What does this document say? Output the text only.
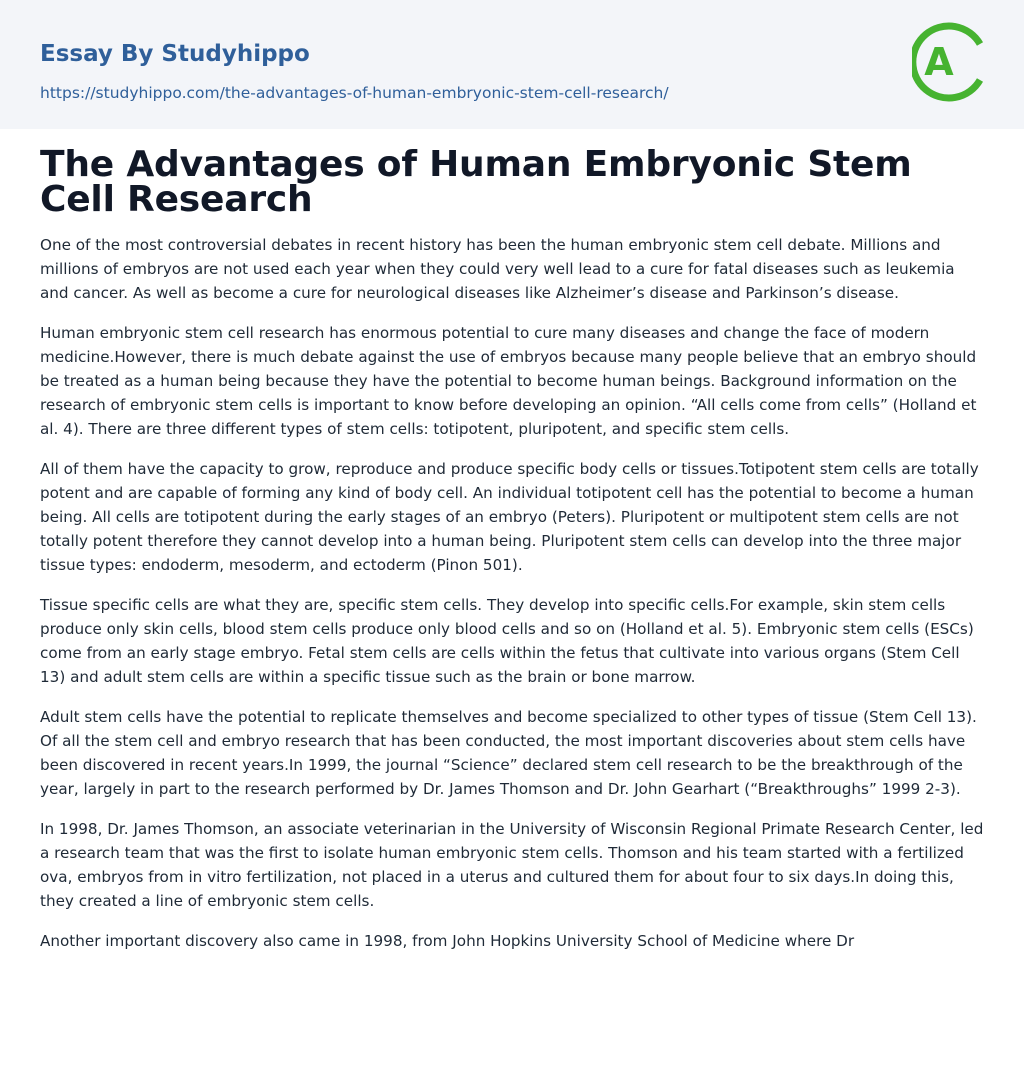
Essay By Studyhippo
https://studyhippo.com/the-advantages-of-human-embryonic-stem-cell-research/
A
The Advantages of Human Embryonic Stem Cell Research

One of the most controversial debates in recent history has been the human embryonic stem cell debate. Millions and millions of embryos are not used each year when they could very well lead to a cure for fatal diseases such as leukemia and cancer. As well as become a cure for neurological diseases like Alzheimer’s disease and Parkinson’s disease.

Human embryonic stem cell research has enormous potential to cure many diseases and change the face of modern medicine.However, there is much debate against the use of embryos because many people believe that an embryo should be treated as a human being because they have the potential to become human beings. Background information on the research of embryonic stem cells is important to know before developing an opinion. “All cells come from cells” (Holland et al. 4). There are three different types of stem cells: totipotent, pluripotent, and specific stem cells.

All of them have the capacity to grow, reproduce and produce specific body cells or tissues.Totipotent stem cells are totally potent and are capable of forming any kind of body cell. An individual totipotent cell has the potential to become a human being. All cells are totipotent during the early stages of an embryo (Peters). Pluripotent or multipotent stem cells are not totally potent therefore they cannot develop into a human being. Pluripotent stem cells can develop into the three major tissue types: endoderm, mesoderm, and ectoderm (Pinon 501).

Tissue specific cells are what they are, specific stem cells. They develop into specific cells.For example, skin stem cells produce only skin cells, blood stem cells produce only blood cells and so on (Holland et al. 5). Embryonic stem cells (ESCs) come from an early stage embryo. Fetal stem cells are cells within the fetus that cultivate into various organs (Stem Cell 13) and adult stem cells are within a specific tissue such as the brain or bone marrow.

Adult stem cells have the potential to replicate themselves and become specialized to other types of tissue (Stem Cell 13). Of all the stem cell and embryo research that has been conducted, the most important discoveries about stem cells have been discovered in recent years.In 1999, the journal “Science” declared stem cell research to be the breakthrough of the year, largely in part to the research performed by Dr. James Thomson and Dr. John Gearhart (“Breakthroughs” 1999 2-3).

In 1998, Dr. James Thomson, an associate veterinarian in the University of Wisconsin Regional Primate Research Center, led a research team that was the first to isolate human embryonic stem cells. Thomson and his team started with a fertilized ova, embryos from in vitro fertilization, not placed in a uterus and cultured them for about four to six days.In doing this, they created a line of embryonic stem cells.

Another important discovery also came in 1998, from John Hopkins University School of Medicine where Dr
